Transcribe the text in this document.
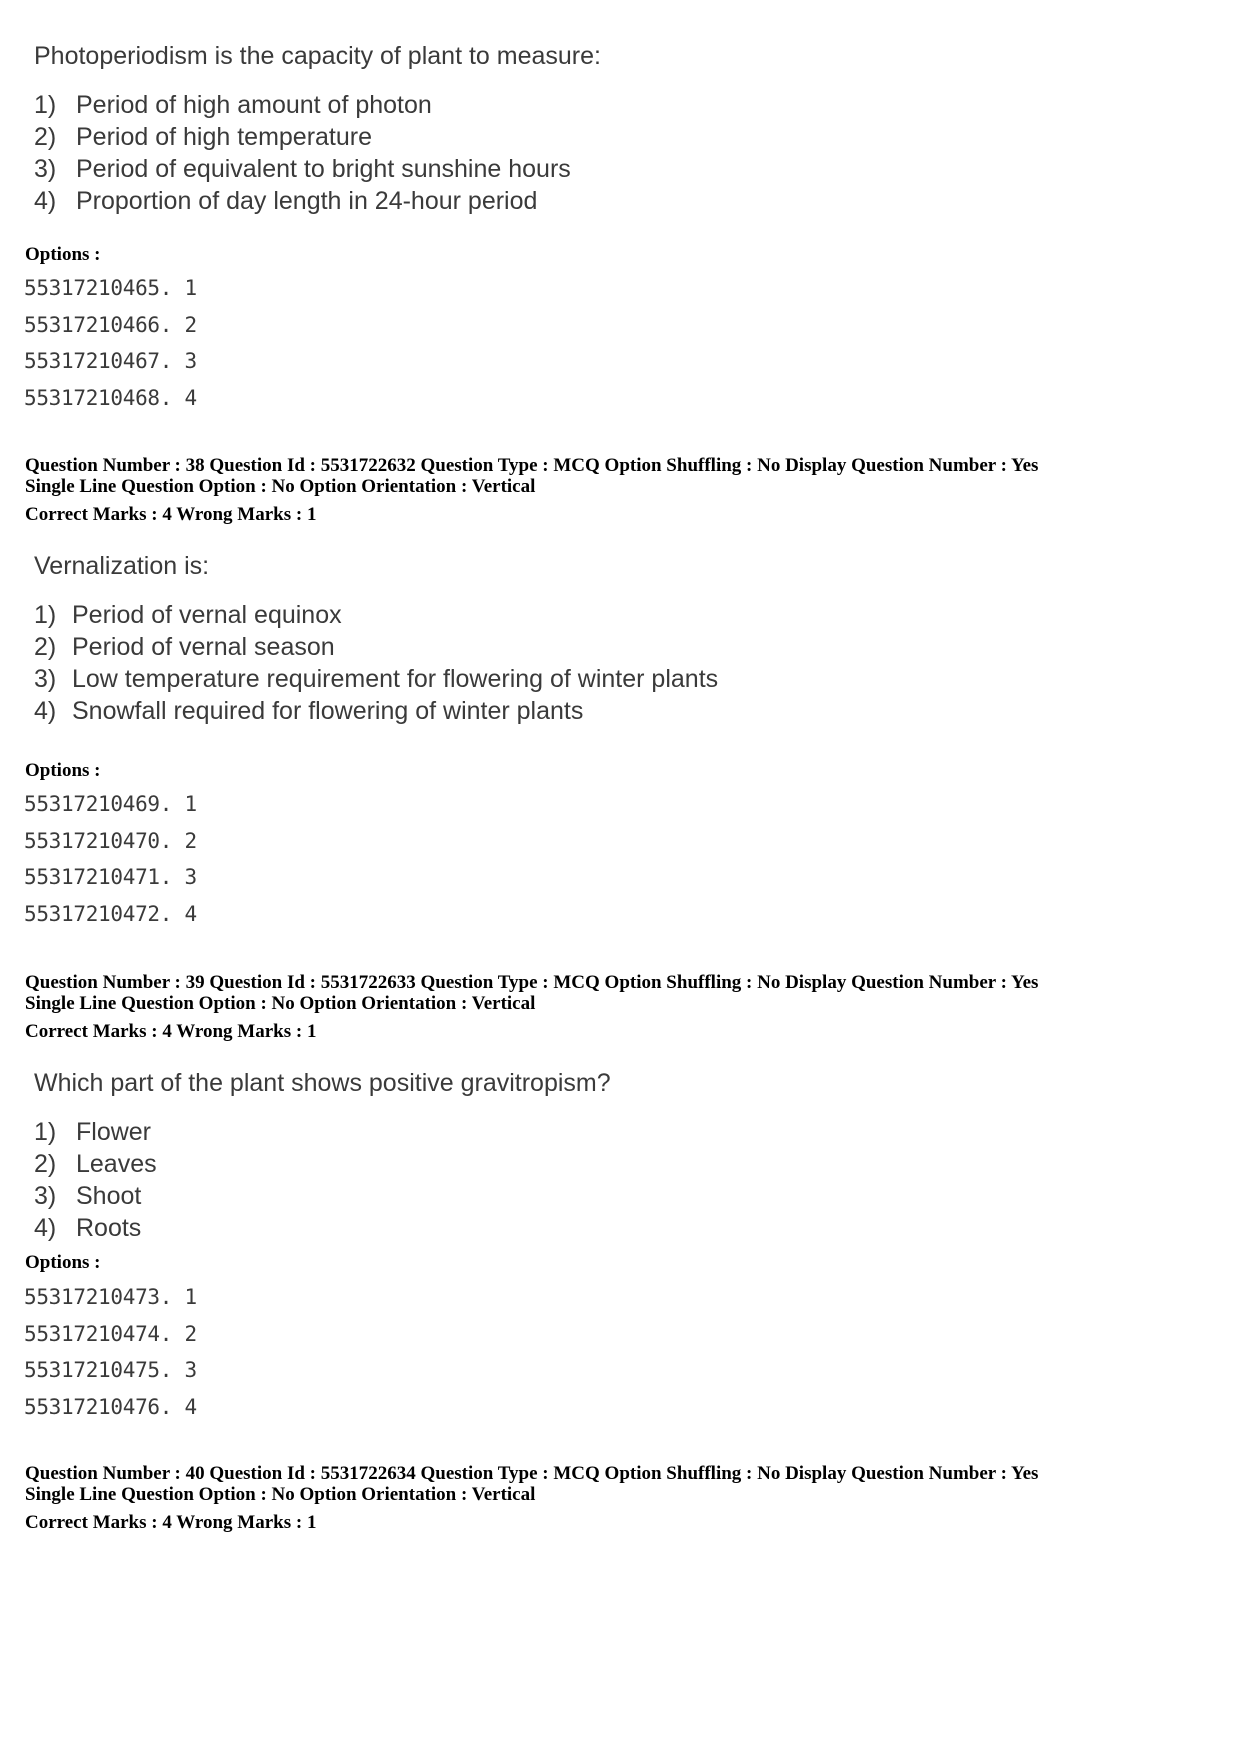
Photoperiodism is the capacity of plant to measure:
1) Period of high amount of photon
2) Period of high temperature
3) Period of equivalent to bright sunshine hours
4) Proportion of day length in 24-hour period
Options :
55317210465. 1
55317210466. 2
55317210467. 3
55317210468. 4
Question Number : 38 Question Id : 5531722632 Question Type : MCQ Option Shuffling : No Display Question Number : Yes
Single Line Question Option : No Option Orientation : Vertical
Correct Marks : 4 Wrong Marks : 1
Vernalization is:
1) Period of vernal equinox
2) Period of vernal season
3) Low temperature requirement for flowering of winter plants
4) Snowfall required for flowering of winter plants
Options :
55317210469. 1
55317210470. 2
55317210471. 3
55317210472. 4
Question Number : 39 Question Id : 5531722633 Question Type : MCQ Option Shuffling : No Display Question Number : Yes
Single Line Question Option : No Option Orientation : Vertical
Correct Marks : 4 Wrong Marks : 1
Which part of the plant shows positive gravitropism?
1) Flower
2) Leaves
3) Shoot
4) Roots
Options :
55317210473. 1
55317210474. 2
55317210475. 3
55317210476. 4
Question Number : 40 Question Id : 5531722634 Question Type : MCQ Option Shuffling : No Display Question Number : Yes
Single Line Question Option : No Option Orientation : Vertical
Correct Marks : 4 Wrong Marks : 1
